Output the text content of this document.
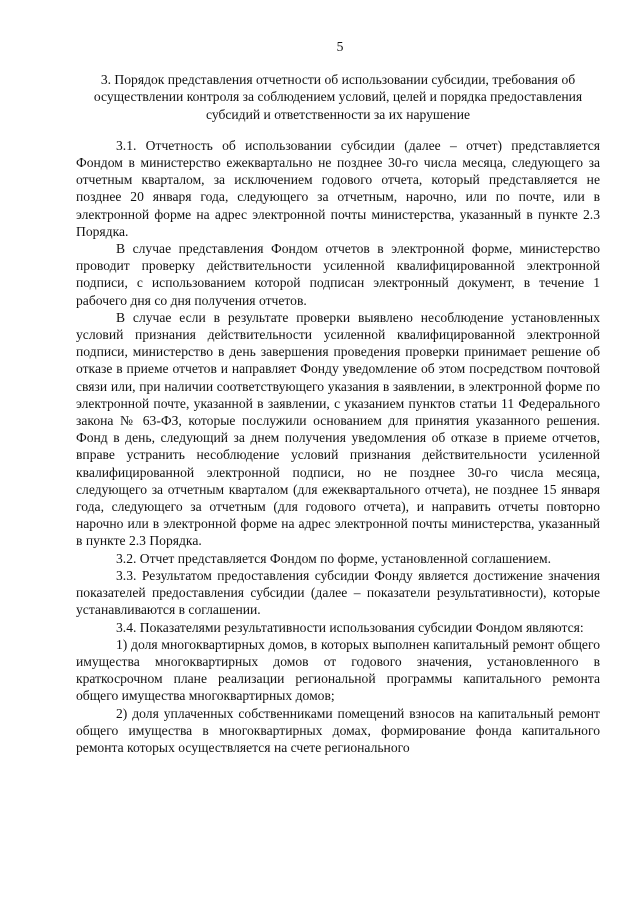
5
3. Порядок представления отчетности об использовании субсидии, требования об осуществлении контроля за соблюдением условий, целей и порядка предоставления субсидий и ответственности за их нарушение

3.1. Отчетность об использовании субсидии (далее – отчет) представляется Фондом в министерство ежеквартально не позднее 30-го числа месяца, следующего за отчетным кварталом, за исключением годового отчета, который представляется не позднее 20 января года, следующего за отчетным, нарочно, или по почте, или в электронной форме на адрес электронной почты министерства, указанный в пункте 2.3 Порядка.

В случае представления Фондом отчетов в электронной форме, министерство проводит проверку действительности усиленной квалифицированной электронной подписи, с использованием которой подписан электронный документ, в течение 1 рабочего дня со дня получения отчетов.

В случае если в результате проверки выявлено несоблюдение установленных условий признания действительности усиленной квалифицированной электронной подписи, министерство в день завершения проведения проверки принимает решение об отказе в приеме отчетов и направляет Фонду уведомление об этом посредством почтовой связи или, при наличии соответствующего указания в заявлении, в электронной форме по электронной почте, указанной в заявлении, с указанием пунктов статьи 11 Федерального закона № 63-ФЗ, которые послужили основанием для принятия указанного решения. Фонд в день, следующий за днем получения уведомления об отказе в приеме отчетов, вправе устранить несоблюдение условий признания действительности усиленной квалифицированной электронной подписи, но не позднее 30-го числа месяца, следующего за отчетным кварталом (для ежеквартального отчета), не позднее 15 января года, следующего за отчетным (для годового отчета), и направить отчеты повторно нарочно или в электронной форме на адрес электронной почты министерства, указанный в пункте 2.3 Порядка.

3.2. Отчет представляется Фондом по форме, установленной соглашением.

3.3. Результатом предоставления субсидии Фонду является достижение значения показателей предоставления субсидии (далее – показатели результативности), которые устанавливаются в соглашении.

3.4. Показателями результативности использования субсидии Фондом являются:

1) доля многоквартирных домов, в которых выполнен капитальный ремонт общего имущества многоквартирных домов от годового значения, установленного в краткосрочном плане реализации региональной программы капитального ремонта общего имущества многоквартирных домов;

2) доля уплаченных собственниками помещений взносов на капитальный ремонт общего имущества в многоквартирных домах, формирование фонда капитального ремонта которых осуществляется на счете регионального
